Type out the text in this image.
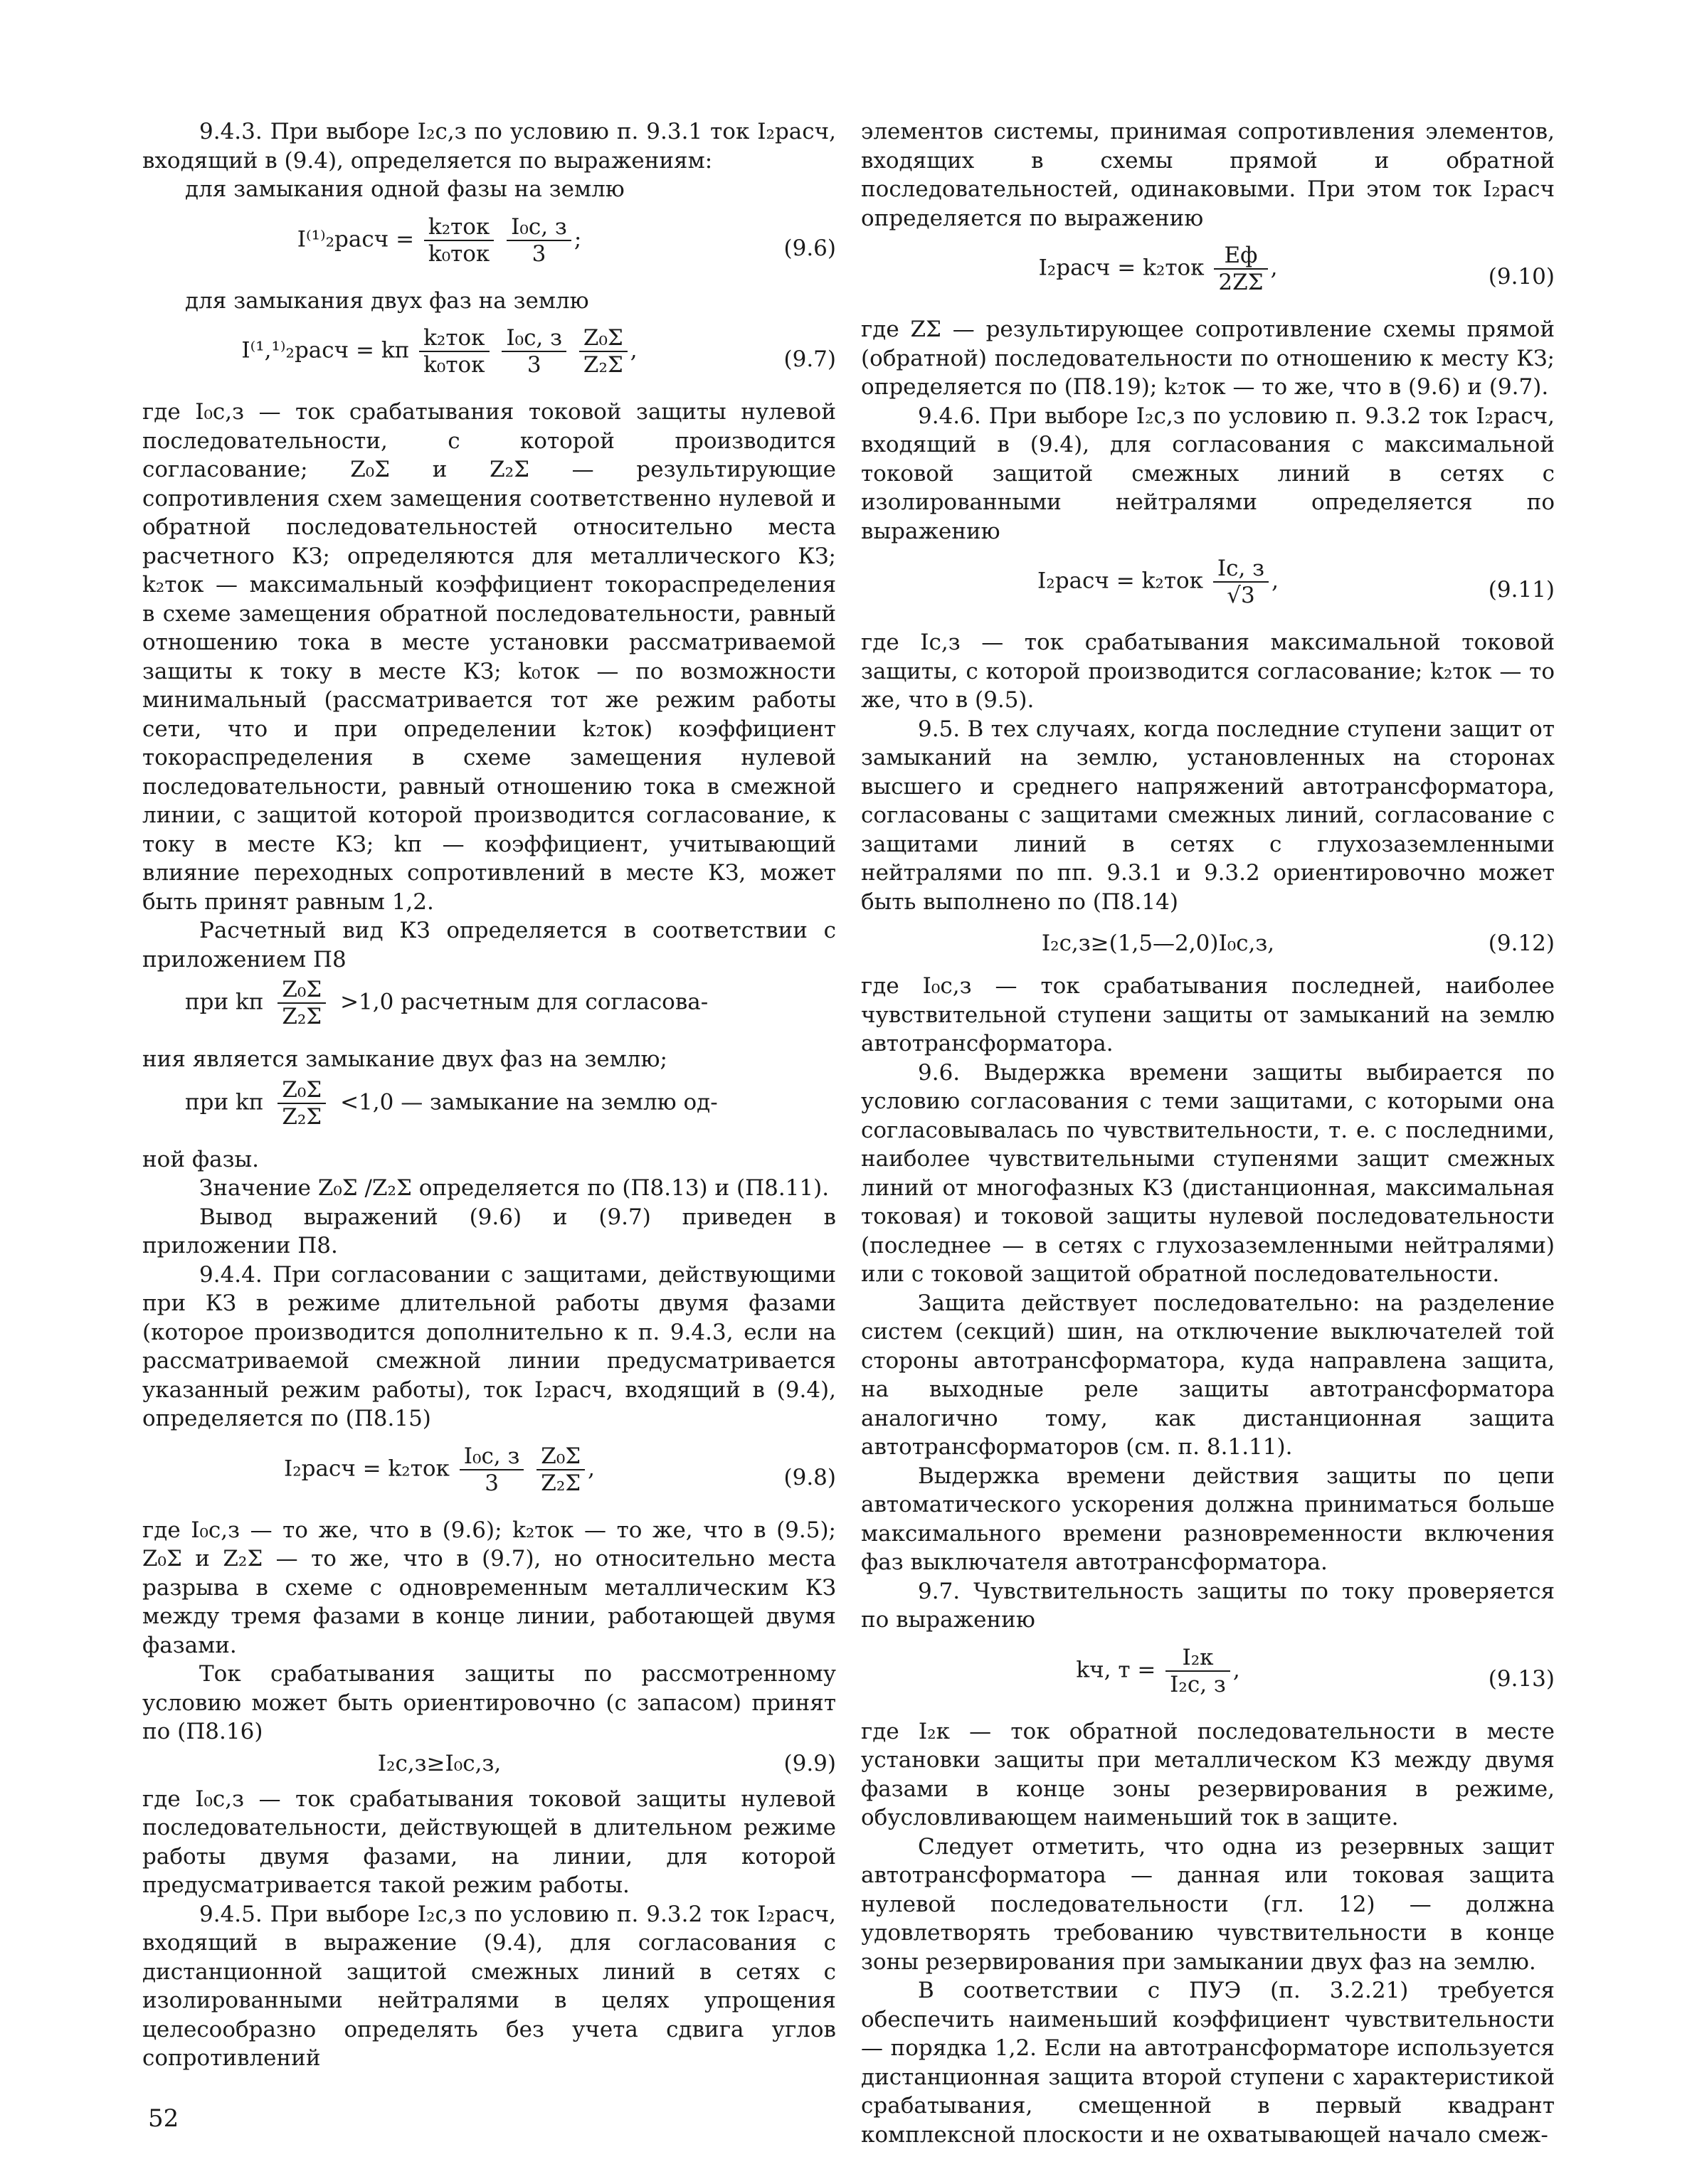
9.4.3. При выборе I₂с,з по условию п. 9.3.1 ток I₂расч, входящий в (9.4), определяется по выражениям:

для замыкания одной фазы на землю

I⁽¹⁾₂расч = $\frac{\text{k₂ток}}{\text{k₀ток}}$
$\frac{\text{I₀с, з}}{3}$ ;	(9.6)

для замыкания двух фаз на землю

I⁽¹,¹⁾₂расч = kп $\frac{\text{k₂ток}}{\text{k₀ток}}$
$\frac{\text{I₀с, з}}{3}$
$\frac{\text{Z₀Σ}}{\text{Z₂Σ}}$ ,	(9.7)

где I₀с,з — ток срабатывания токовой защиты нулевой последовательности, с которой производится согласование; Z₀Σ и Z₂Σ — результирующие сопротивления схем замещения соответственно нулевой и обратной последовательностей относительно места расчетного КЗ; определяются для металлического КЗ; k₂ток — максимальный коэффициент токораспределения в схеме замещения обратной последовательности, равный отношению тока в месте установки рассматриваемой защиты к току в месте КЗ; k₀ток — по возможности минимальный (рассматривается тот же режим работы сети, что и при определении k₂ток) коэффициент токораспределения в схеме замещения нулевой последовательности, равный отношению тока в смежной линии, с защитой которой производится согласование, к току в месте КЗ; kп — коэффициент, учитывающий влияние переходных сопротивлений в месте КЗ, может быть принят равным 1,2.

Расчетный вид КЗ определяется в соответствии с приложением П8

при kп $\frac{\text{Z₀Σ}}{\text{Z₂Σ}} >1,0$ расчетным для согласова-

ния является замыкание двух фаз на землю;

при kп $\frac{\text{Z₀Σ}}{\text{Z₂Σ}} <1,0$ — замыкание на землю од-

ной фазы.

Значение Z₀Σ /Z₂Σ определяется по (П8.13) и (П8.11).

Вывод выражений (9.6) и (9.7) приведен в приложении П8.

9.4.4. При согласовании с защитами, действующими при КЗ в режиме длительной работы двумя фазами (которое производится дополнительно к п. 9.4.3, если на рассматриваемой смежной линии предусматривается указанный режим работы), ток I₂расч, входящий в (9.4), определяется по (П8.15)

I₂расч = $k_2ток \frac{\text{I₀с, з}}{3}$
$\frac{\text{Z₀Σ}}{\text{Z₂Σ}}$ ,	(9.8)

где I₀с,з — то же, что в (9.6); k₂ток — то же, что в (9.5); Z₀Σ и Z₂Σ — то же, что в (9.7), но относительно места разрыва в схеме с одновременным металлическим КЗ между тремя фазами в конце линии, работающей двумя фазами.

Ток срабатывания защиты по рассмотренному условию может быть ориентировочно (с запасом) принят по (П8.16)

I₂с,з≥I₀с,з,	(9.9)

где I₀с,з — ток срабатывания токовой защиты нулевой последовательности, действующей в длительном режиме работы двумя фазами, на линии, для которой предусматривается такой режим работы.

9.4.5. При выборе I₂с,з по условию п. 9.3.2 ток I₂расч, входящий в выражение (9.4), для согласования с дистанционной защитой смежных линий в сетях с изолированными нейтралями в целях упрощения целесообразно определять без учета сдвига углов сопротивлений

элементов системы, принимая сопротивления элементов, входящих в схемы прямой и обратной последовательностей, одинаковыми. При этом ток I₂расч определяется по выражению

I₂расч = $k_2ток \frac{Eф}{2Z\Sigma}$ ,	(9.10)

где ZΣ — результирующее сопротивление схемы прямой (обратной) последовательности по отношению к месту КЗ; определяется по (П8.19); k₂ток — то же, что в (9.6) и (9.7).

9.4.6. При выборе I₂с,з по условию п. 9.3.2 ток I₂расч, входящий в (9.4), для согласования с максимальной токовой защитой смежных линий в сетях с изолированными нейтралями определяется по выражению

I₂расч = $k_2ток \frac{Iс, з}{√3}$ ,	(9.11)

где Iс,з — ток срабатывания максимальной токовой защиты, с которой производится согласование; k₂ток — то же, что в (9.5).

9.5. В тех случаях, когда последние ступени защит от замыканий на землю, установленных на сторонах высшего и среднего напряжений автотрансформатора, согласованы с защитами смежных линий, согласование с защитами линий в сетях с глухозаземленными нейтралями по пп. 9.3.1 и 9.3.2 ориентировочно может быть выполнено по (П8.14)

I₂с,з≥(1,5—2,0)I₀с,з,	(9.12)

где I₀с,з — ток срабатывания последней, наиболее чувствительной ступени защиты от замыканий на землю автотрансформатора.

9.6. Выдержка времени защиты выбирается по условию согласования с теми защитами, с которыми она согласовывалась по чувствительности, т. е. с последними, наиболее чувствительными ступенями защит смежных линий от многофазных КЗ (дистанционная, максимальная токовая) и токовой защиты нулевой последовательности (последнее — в сетях с глухозаземленными нейтралями) или с токовой защитой обратной последовательности.

Защита действует последовательно: на разделение систем (секций) шин, на отключение выключателей той стороны автотрансформатора, куда направлена защита, на выходные реле защиты автотрансформатора аналогично тому, как дистанционная защита автотрансформаторов (см. п. 8.1.11).

Выдержка времени действия защиты по цепи автоматического ускорения должна приниматься больше максимального времени разновременности включения фаз выключателя автотрансформатора.

9.7. Чувствительность защиты по току проверяется по выражению

kч, $т = \frac{\text{I₂к}}{\text{I₂с, з}}$ ,	(9.13)

где I₂к — ток обратной последовательности в месте установки защиты при металлическом КЗ между двумя фазами в конце зоны резервирования в режиме, обусловливающем наименьший ток в защите.

Следует отметить, что одна из резервных защит автотрансформатора — данная или токовая защита нулевой последовательности (гл. 12) — должна удовлетворять требованию чувствительности в конце зоны резервирования при замыкании двух фаз на землю.

В соответствии с ПУЭ (п. 3.2.21) требуется обеспечить наименьший коэффициент чувствительности — порядка 1,2. Если на автотрансформаторе используется дистанционная защита второй ступени с характеристикой срабатывания, смещенной в первый квадрант комплексной плоскости и не охватывающей начало смеж-

52
